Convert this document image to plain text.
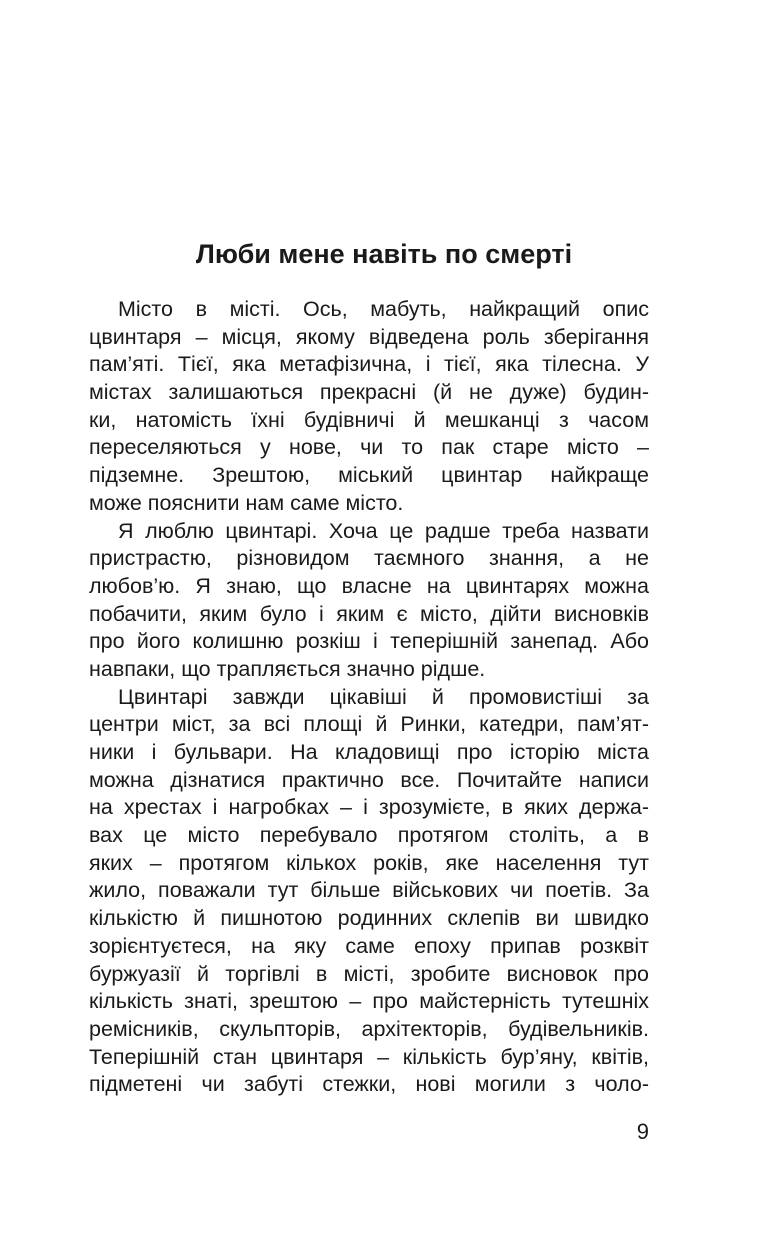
Люби мене навіть по смерті
Місто в місті. Ось, мабуть, найкращий опис
цвинтаря – місця, якому відведена роль зберігання
пам’яті. Тієї, яка метафізична, і тієї, яка тілесна. У
містах залишаються прекрасні (й не дуже) будин-
ки, натомість їхні будівничі й мешканці з часом
переселяються у нове, чи то пак старе місто –
підземне. Зрештою, міський цвинтар найкраще
може пояснити нам саме місто.
Я люблю цвинтарі. Хоча це радше треба назвати
пристрастю, різновидом таємного знання, а не
любов’ю. Я знаю, що власне на цвинтарях можна
побачити, яким було і яким є місто, дійти висновків
про його колишню розкіш і теперішній занепад. Або
навпаки, що трапляється значно рідше.
Цвинтарі завжди цікавіші й промовистіші за
центри міст, за всі площі й Ринки, катедри, пам’ят-
ники і бульвари. На кладовищі про історію міста
можна дізнатися практично все. Почитайте написи
на хрестах і нагробках – і зрозумієте, в яких держа-
вах це місто перебувало протягом століть, а в
яких – протягом кількох років, яке населення тут
жило, поважали тут більше військових чи поетів. За
кількістю й пишнотою родинних склепів ви швидко
зорієнтуєтеся, на яку саме епоху припав розквіт
буржуазії й торгівлі в місті, зробите висновок про
кількість знаті, зрештою – про майстерність тутешніх
ремісників, скульпторів, архітекторів, будівельників.
Теперішній стан цвинтаря – кількість бур’яну, квітів,
підметені чи забуті стежки, нові могили з чоло-
9
